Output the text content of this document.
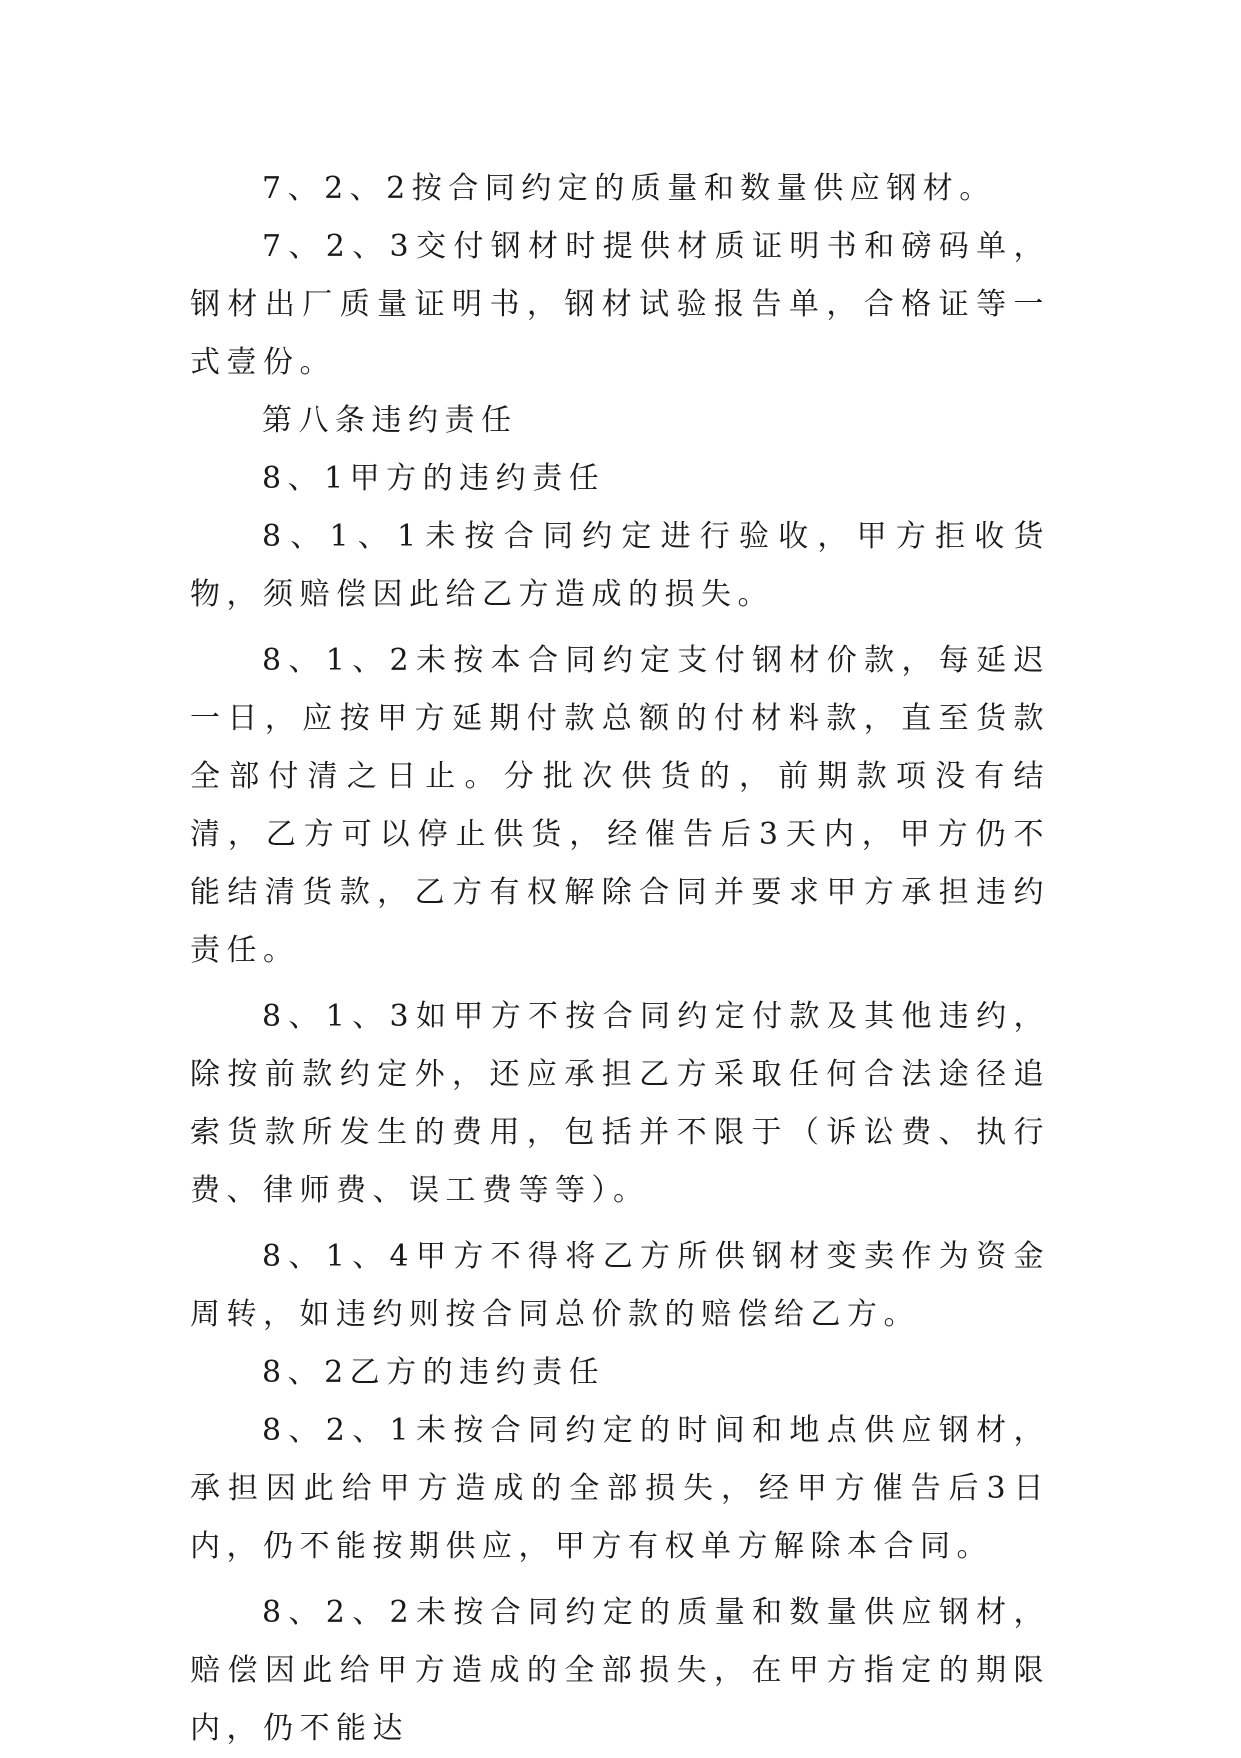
7、2、2按合同约定的质量和数量供应钢材。

7、2、3交付钢材时提供材质证明书和磅码单，钢材出厂质量证明书，钢材试验报告单，合格证等一式壹份。

第八条违约责任

8、1甲方的违约责任

8、1、1未按合同约定进行验收，甲方拒收货物，须赔偿因此给乙方造成的损失。

8、1、2未按本合同约定支付钢材价款，每延迟一日，应按甲方延期付款总额的付材料款，直至货款全部付清之日止。分批次供货的，前期款项没有结清，乙方可以停止供货，经催告后3天内，甲方仍不能结清货款，乙方有权解除合同并要求甲方承担违约责任。

8、1、3如甲方不按合同约定付款及其他违约，除按前款约定外，还应承担乙方采取任何合法途径追索货款所发生的费用，包括并不限于（诉讼费、执行费、律师费、误工费等等）。

8、1、4甲方不得将乙方所供钢材变卖作为资金周转，如违约则按合同总价款的赔偿给乙方。

8、2乙方的违约责任

8、2、1未按合同约定的时间和地点供应钢材，承担因此给甲方造成的全部损失，经甲方催告后3日内，仍不能按期供应，甲方有权单方解除本合同。

8、2、2未按合同约定的质量和数量供应钢材，赔偿因此给甲方造成的全部损失，在甲方指定的期限内，仍不能达
